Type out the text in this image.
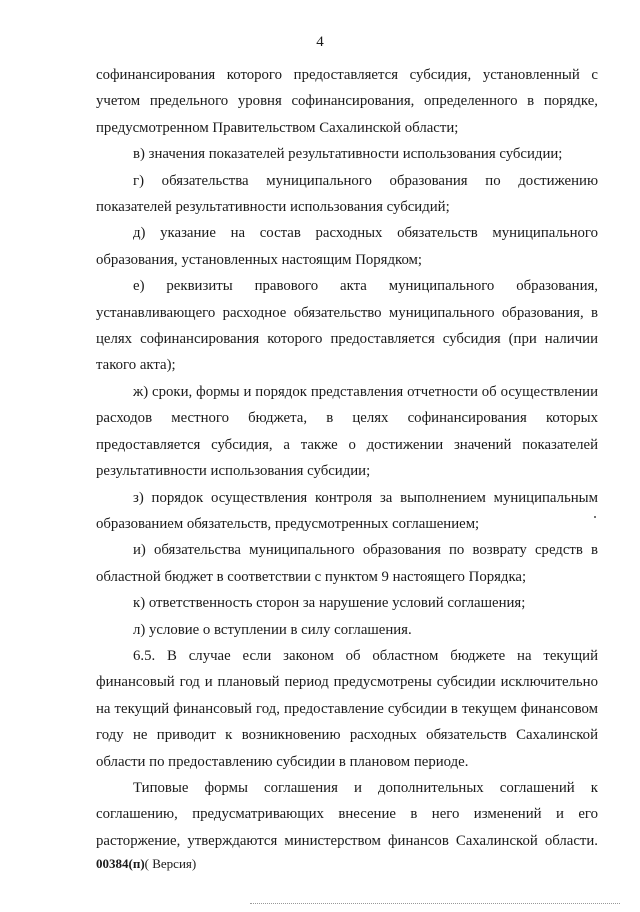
4

софинансирования которого предоставляется субсидия, установленный с учетом предельного уровня софинансирования, определенного в порядке, предусмотренном Правительством Сахалинской области;

в) значения показателей результативности использования субсидии;

г) обязательства муниципального образования по достижению показателей результативности использования субсидий;

д) указание на состав расходных обязательств муниципального образования, установленных настоящим Порядком;

е) реквизиты правового акта муниципального образования, устанавливающего расходное обязательство муниципального образования, в целях софинансирования которого предоставляется субсидия (при наличии такого акта);

ж) сроки, формы и порядок представления отчетности об осуществлении расходов местного бюджета, в целях софинансирования которых предоставляется субсидия, а также о достижении значений показателей результативности использования субсидии;

з) порядок осуществления контроля за выполнением муниципальным образованием обязательств, предусмотренных соглашением;

и) обязательства муниципального образования по возврату средств в областной бюджет в соответствии с пунктом 9 настоящего Порядка;

к) ответственность сторон за нарушение условий соглашения;

л) условие о вступлении в силу соглашения.

6.5. В случае если законом об областном бюджете на текущий финансовый год и плановый период предусмотрены субсидии исключительно на текущий финансовый год, предоставление субсидии в текущем финансовом году не приводит к возникновению расходных обязательств Сахалинской области по предоставлению субсидии в плановом периоде.

Типовые формы соглашения и дополнительных соглашений к соглашению, предусматривающих внесение в него изменений и его расторжение, утверждаются министерством финансов Сахалинской области.

00384(п)( Версия)
